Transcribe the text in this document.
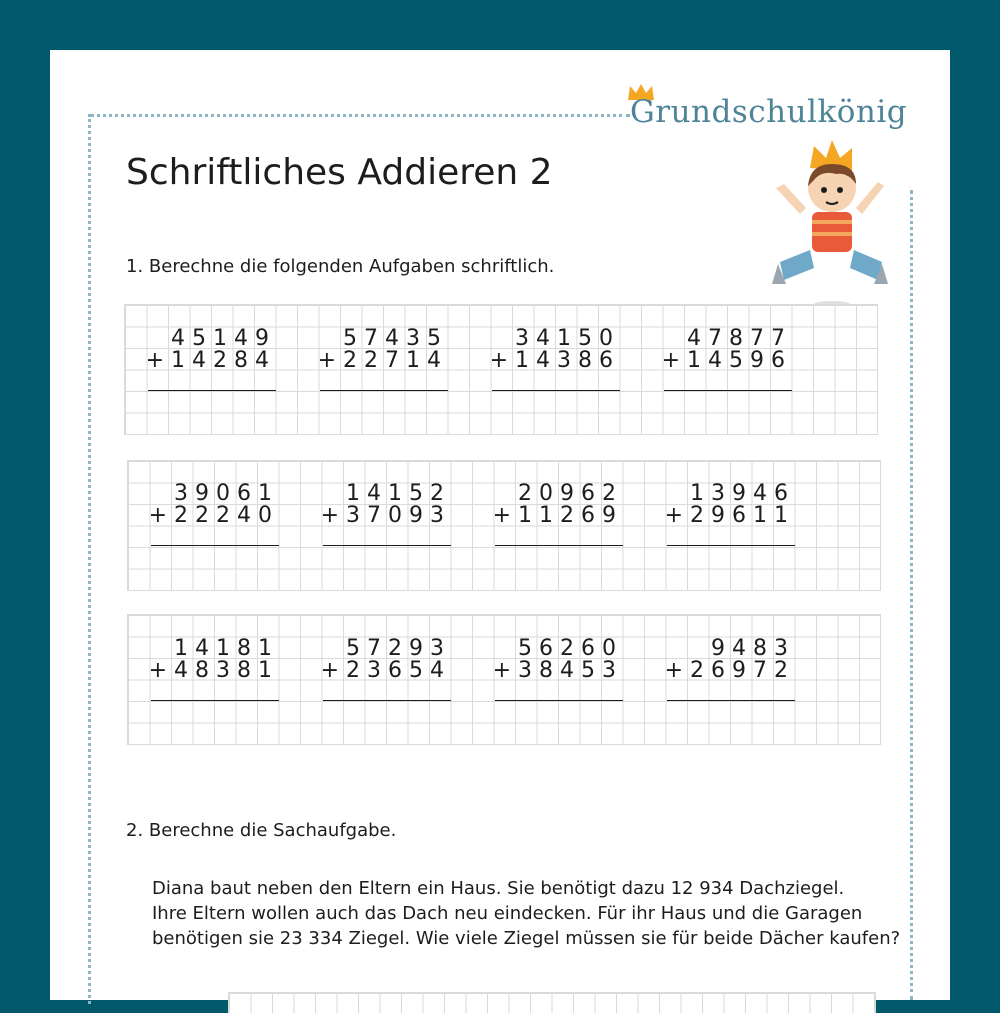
Grundschulkönig
Schriftliches Addieren 2
1. Berechne die folgenden Aufgaben schriftlich.
45149
+14284
57435
+22714
34150
+14386
47877
+14596
39061
+22240
14152
+37093
20962
+11269
13946
+29611
14181
+48381
57293
+23654
56260
+38453
9483
+26972
2. Berechne die Sachaufgabe.

Diana baut neben den Eltern ein Haus. Sie benötigt dazu 12 934 Dachziegel.

Ihre Eltern wollen auch das Dach neu eindecken. Für ihr Haus und die Garagen

benötigen sie 23 334 Ziegel. Wie viele Ziegel müssen sie für beide Dächer kaufen?
